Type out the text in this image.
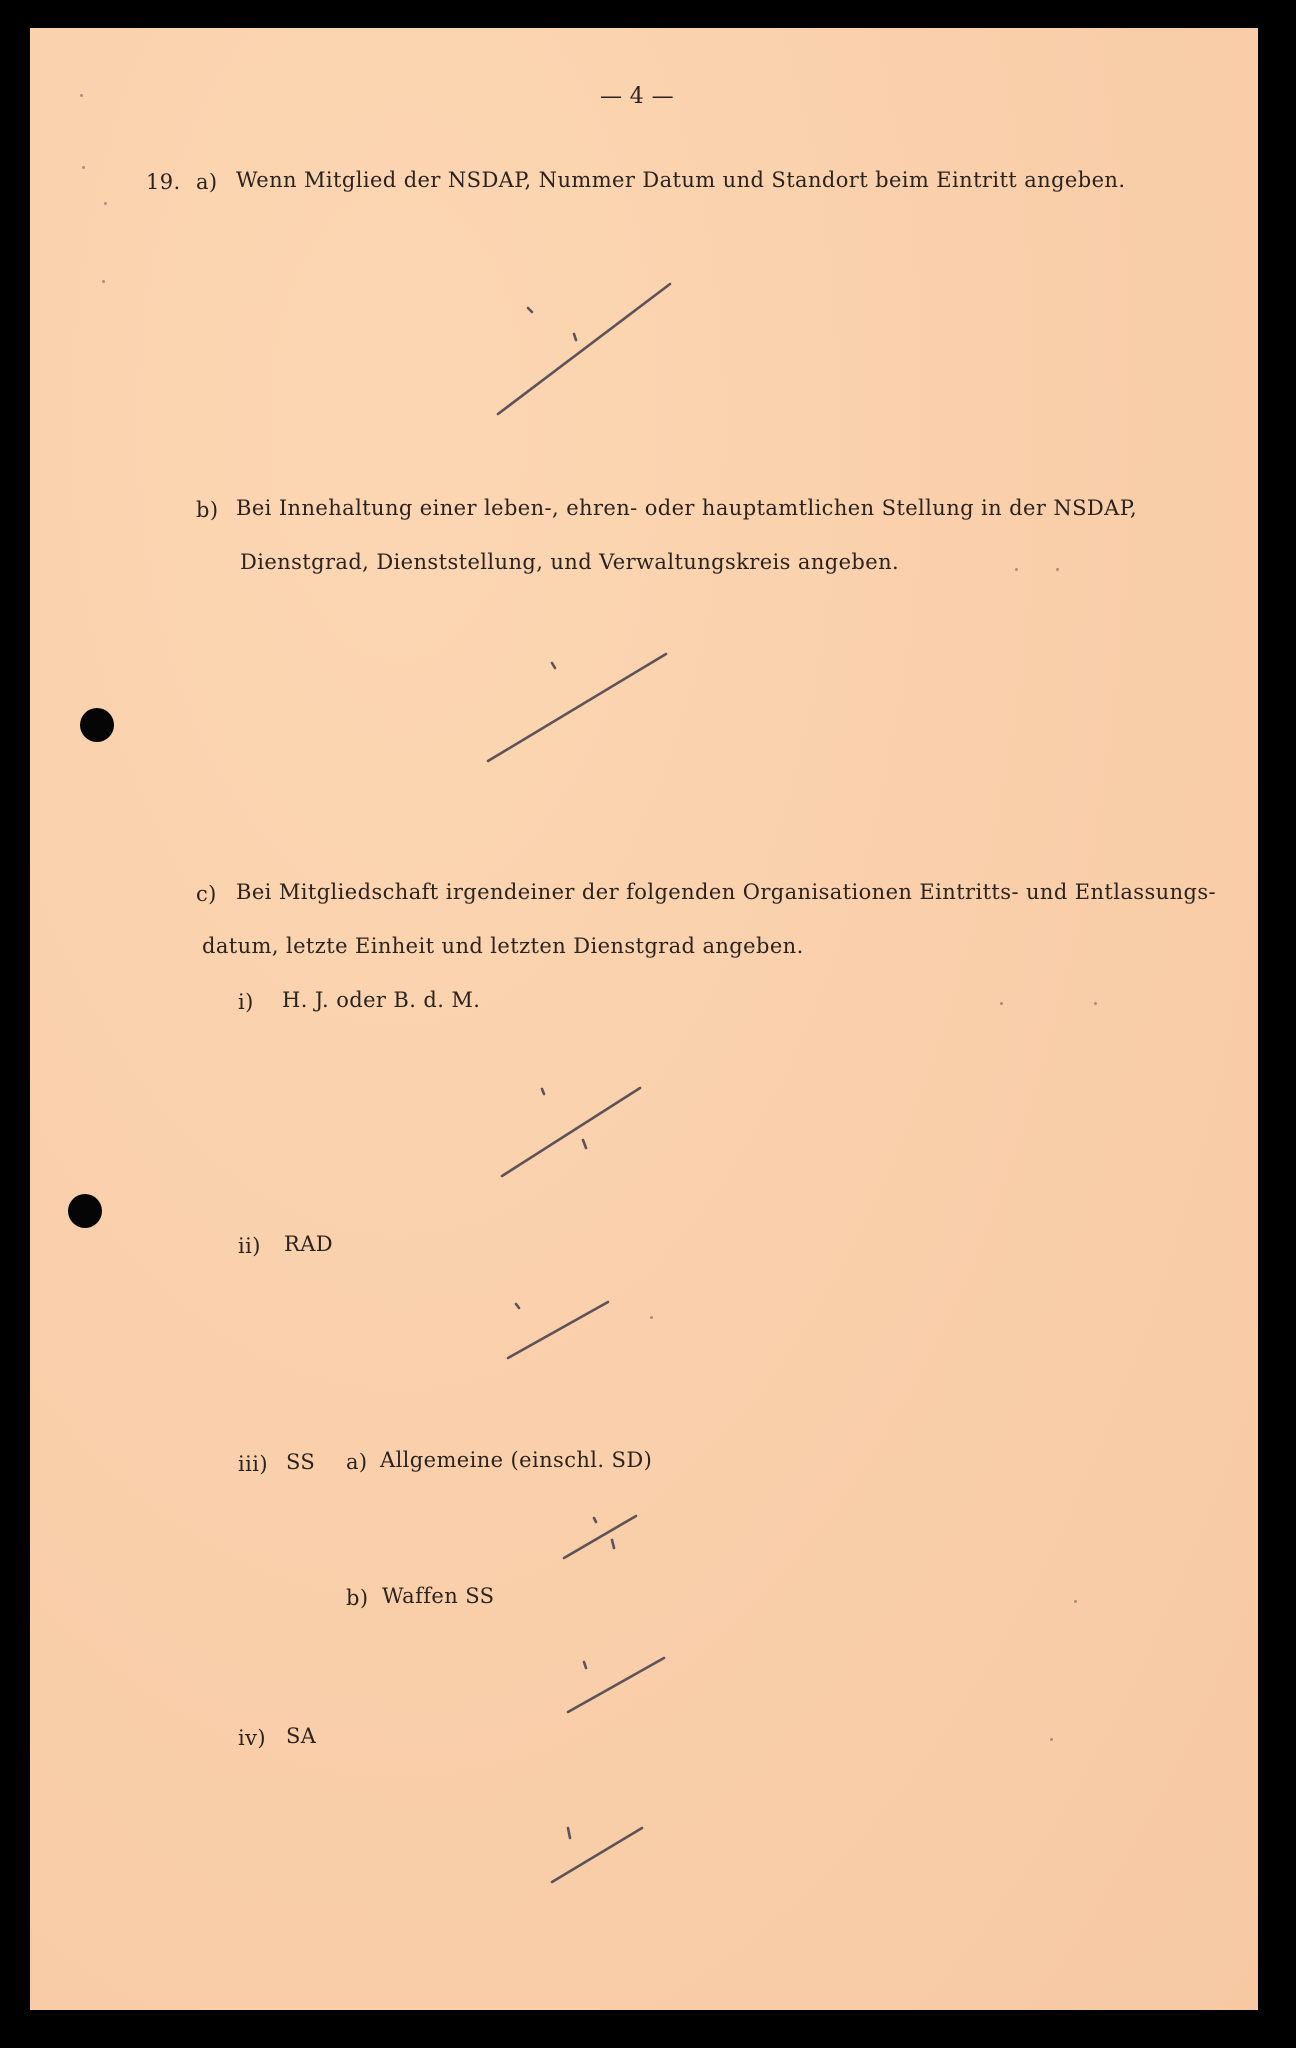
— 4 —
19. a) Wenn Mitglied der NSDAP, Nummer Datum und Standort beim Eintritt angeben.
b) Bei Innehaltung einer leben-, ehren- oder hauptamtlichen Stellung in der NSDAP,
Dienstgrad, Dienststellung, und Verwaltungskreis angeben.
c) Bei Mitgliedschaft irgendeiner der folgenden Organisationen Eintritts- und Entlassungs-
datum, letzte Einheit und letzten Dienstgrad angeben.
i) H. J. oder B. d. M.
ii) RAD
iii) SS a) Allgemeine (einschl. SD)
b) Waffen SS
iv) SA
